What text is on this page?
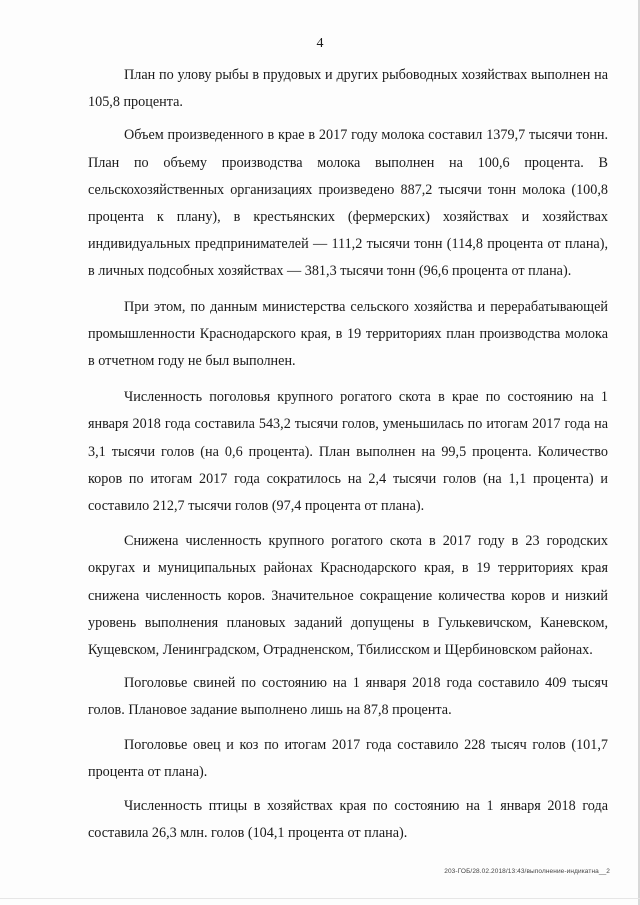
4

План по улову рыбы в прудовых и других рыбоводных хозяйствах выполнен на 105,8 процента.

Объем произведенного в крае в 2017 году молока составил 1379,7 тысячи тонн. План по объему производства молока выполнен на 100,6 процента. В сельскохозяйственных организациях произведено 887,2 тысячи тонн молока (100,8 процента к плану), в крестьянских (фермерских) хозяйствах и хозяйствах индивидуальных предпринимателей — 111,2 тысячи тонн (114,8 процента от плана), в личных подсобных хозяйствах — 381,3 тысячи тонн (96,6 процента от плана).

При этом, по данным министерства сельского хозяйства и перерабатывающей промышленности Краснодарского края, в 19 территориях план производства молока в отчетном году не был выполнен.

Численность поголовья крупного рогатого скота в крае по состоянию на 1 января 2018 года составила 543,2 тысячи голов, уменьшилась по итогам 2017 года на 3,1 тысячи голов (на 0,6 процента). План выполнен на 99,5 процента. Количество коров по итогам 2017 года сократилось на 2,4 тысячи голов (на 1,1 процента) и составило 212,7 тысячи голов (97,4 процента от плана).

Снижена численность крупного рогатого скота в 2017 году в 23 городских округах и муниципальных районах Краснодарского края, в 19 территориях края снижена численность коров. Значительное сокращение количества коров и низкий уровень выполнения плановых заданий допущены в Гулькевичском, Каневском, Кущевском, Ленинградском, Отрадненском, Тбилисском и Щербиновском районах.

Поголовье свиней по состоянию на 1 января 2018 года составило 409 тысяч голов. Плановое задание выполнено лишь на 87,8 процента.

Поголовье овец и коз по итогам 2017 года составило 228 тысяч голов (101,7 процента от плана).

Численность птицы в хозяйствах края по состоянию на 1 января 2018 года составила 26,3 млн. голов (104,1 процента от плана).

203-ГОБ/28.02.2018/13:43/выполнение-индикатна__2
